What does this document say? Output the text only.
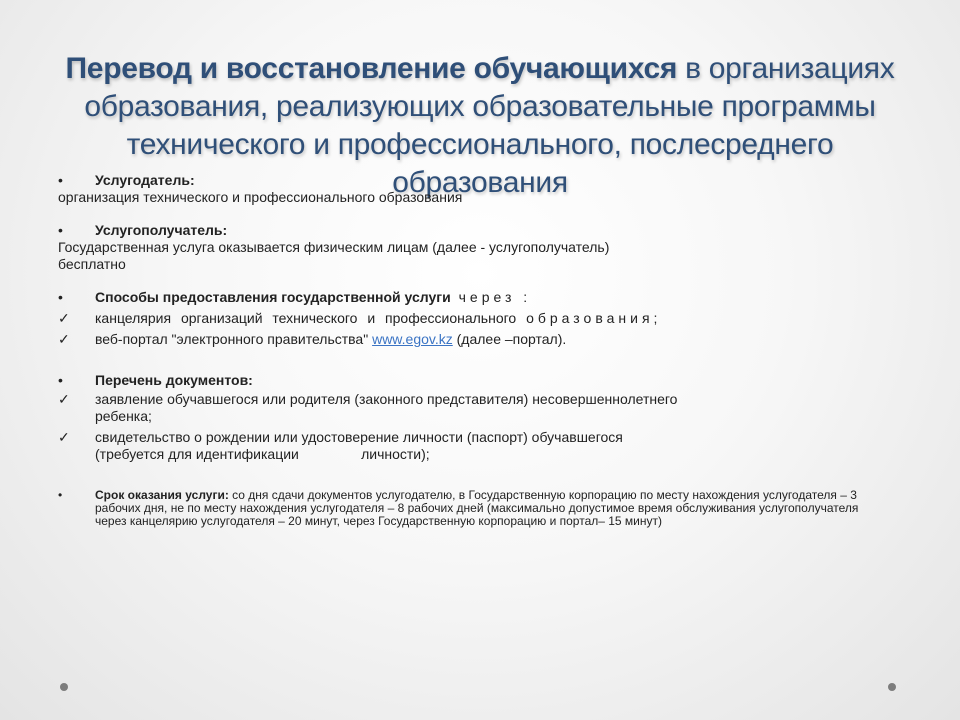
Перевод и восстановление обучающихся в организациях образования, реализующих образовательные программы технического и профессионального, послесреднего образования
•	Услугодатель:
организация технического и профессионального образования
•	Услугополучатель:
Государственная услуга оказывается физическим лицам (далее - услугополучатель)
бесплатно
•	Способы предоставления государственной услуги через :
✓	канцелярия организаций технического и профессионального образования;
✓	веб-портал "электронного правительства" www.egov.kz (далее –портал).
•	Перечень документов:
✓	заявление обучавшегося или родителя (законного представителя) несовершеннолетнего
ребенка;
✓	свидетельство о рождении или удостоверение личности (паспорт) обучавшегося
(требуется для идентификации                личности);
•	Срок оказания услуги: со дня сдачи документов услугодателю, в Государственную корпорацию по месту нахождения услугодателя – 3 рабочих дня, не по месту нахождения услугодателя – 8 рабочих дней (максимально допустимое время обслуживания услугополучателя через канцелярию услугодателя – 20 минут, через Государственную корпорацию и портал– 15 минут)
